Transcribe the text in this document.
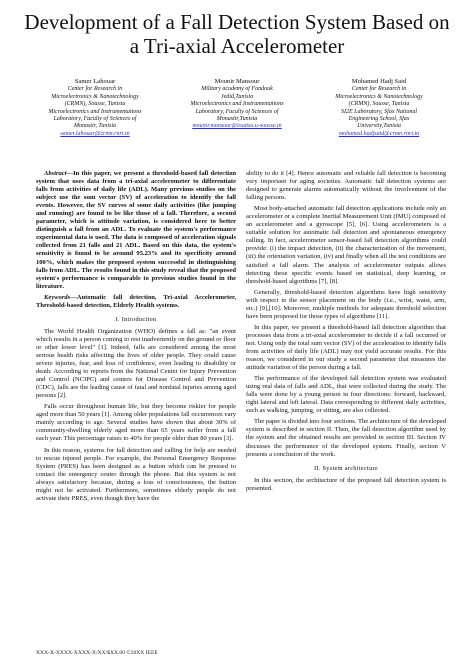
Development of a Fall Detection System Based on a Tri-axial Accelerometer
Samer Lahouar
Center for Research in
Microelectronics & Nanotechnology
(CRMN), Sousse, Tunisia
Microelectronics and Instrumentations
Laboratory, Faculty of Sciences of
Monastir, Tunisia
samer.lahouar@crmn.rnrt.tn
Mounir Mansour
Military academy of Fondouk
Jedid,Tunisia
Microelectronics and Instrumentations
Laboratory, Faculty of Sciences of
Monastir,Tunisia
mounir.mansour@issatso.u-sousse.tn
Mohamed Hadj Said
Center for Research in
Microelectronics & Nanotechnology
(CRMN), Sousse, Tunisia
SI2E Laboratory, Sfax National
Engineering School, Sfax
University,Tunisia
mohamed.hadjsaid@crmn.rnrt.tn

Abstract—In this paper, we present a threshold-based fall detection system that uses data from a tri-axial accelerometer to differentiate falls from activities of daily life (ADL). Many previous studies on the subject use the sum vector (SV) of acceleration to identify the fall events. However, the SV curves of some daily activities (like jumping and running) are found to be like those of a fall. Therefore, a second parameter, which is attitude variation, is considered here to better distinguish a fall from an ADL. To evaluate the system's performance experimental data is used. The data is composed of acceleration signals collected from 21 falls and 21 ADL. Based on this data, the system's sensitivity is found to be around 95.23% and its specificity around 100%, which makes the proposed system successful in distinguishing falls from ADL. The results found in this study reveal that the proposed system's performance is comparable to previous studies found in the literature.

Keywords—Automatic fall detection, Tri-axial Accelerometer, Threshold-based detection, Elderly Health systems.

I. Introduction

The World Health Organization (WHO) defines a fall as: "an event which results in a person coming to rest inadvertently on the ground or floor or other lower level" [1]. Indeed, falls are considered among the most serious health risks affecting the lives of older people. They could cause severe injuries, fear, and loss of confidence, even leading to disability or death. According to reports from the National Center for Injury Prevention and Control (NCIPC) and centers for Disease Control and Prevention (CDC), falls are the leading cause of fatal and nonfatal injuries among aged persons [2].

Falls occur throughout human life, but they become riskier for people aged more than 50 years [1]. Among older populations fall occurrences vary mainly according to age. Several studies have shown that about 30% of community-dwelling elderly aged more than 65 years suffer from a fall each year. This percentage raises to 40% for people older than 80 years [3].

In this reason, systems for fall detection and calling for help are needed to rescue injured people. For example, the Personal Emergency Response System (PRES) has been designed as a button which can be pressed to contact the emergency center through the phone. But this system is not always satisfactory because, during a loss of consciousness, the button might not be activated. Furthermore, sometimes elderly people do not activate their PRES, even though they have the

ability to do it [4]. Hence automatic and reliable fall detection is becoming very important for aging societies. Automatic fall detection systems are designed to generate alarms automatically without the involvement of the falling persons.

Most body-attached automatic fall detection applications include only an accelerometer or a complete Inertial Measurement Unit (IMU) composed of an accelerometer and a gyroscope [5], [6]. Using accelerometers is a suitable solution for automatic fall detection and spontaneous emergency calling. In fact, accelerometer sensor-based fall detection algorithms could provide: (i) the impact detection, (ii) the characterization of the movement, (iii) the orientation variation, (iv) and finally when all the test conditions are satisfied a fall alarm. The analysis of accelerometer outputs allows detecting these specific events based on statistical, deep learning, or threshold-based algorithms [7], [8].

Generally, threshold-based detection algorithms have high sensitivity with respect to the sensor placement on the body (i.e., wrist, waist, arm, etc.) [9],[10]. Moreover, multiple methods for adequate threshold selection have been proposed for those types of algorithms [11].

In this paper, we present a threshold-based fall detection algorithm that processes data from a tri-axial accelerometer to decide if a fall occurred or not. Using only the total sum vector (SV) of the acceleration to identify falls from activities of daily life (ADL) may not yield accurate results. For this reason, we considered in our study a second parameter that measures the attitude variation of the person during a fall.

The performance of the developed fall detection system was evaluated using real data of falls and ADL, that were collected during the study. The falls were done by a young person in four directions: forward, backward, right lateral and left lateral. Data corresponding to different daily activities, such as walking, jumping, or sitting, are also collected.

The paper is divided into four sections. The architecture of the developed system is described in section II. Then, the fall detection algorithm used by the system and the obtained results are provided in section III. Section IV discusses the performance of the developed system. Finally, section V presents a conclusion of the work.

II. System architecture

In this section, the architecture of the proposed fall detection system is presented.

XXX-X-XXXX-XXXX-X/XX/$XX.00 ©20XX IEEE
